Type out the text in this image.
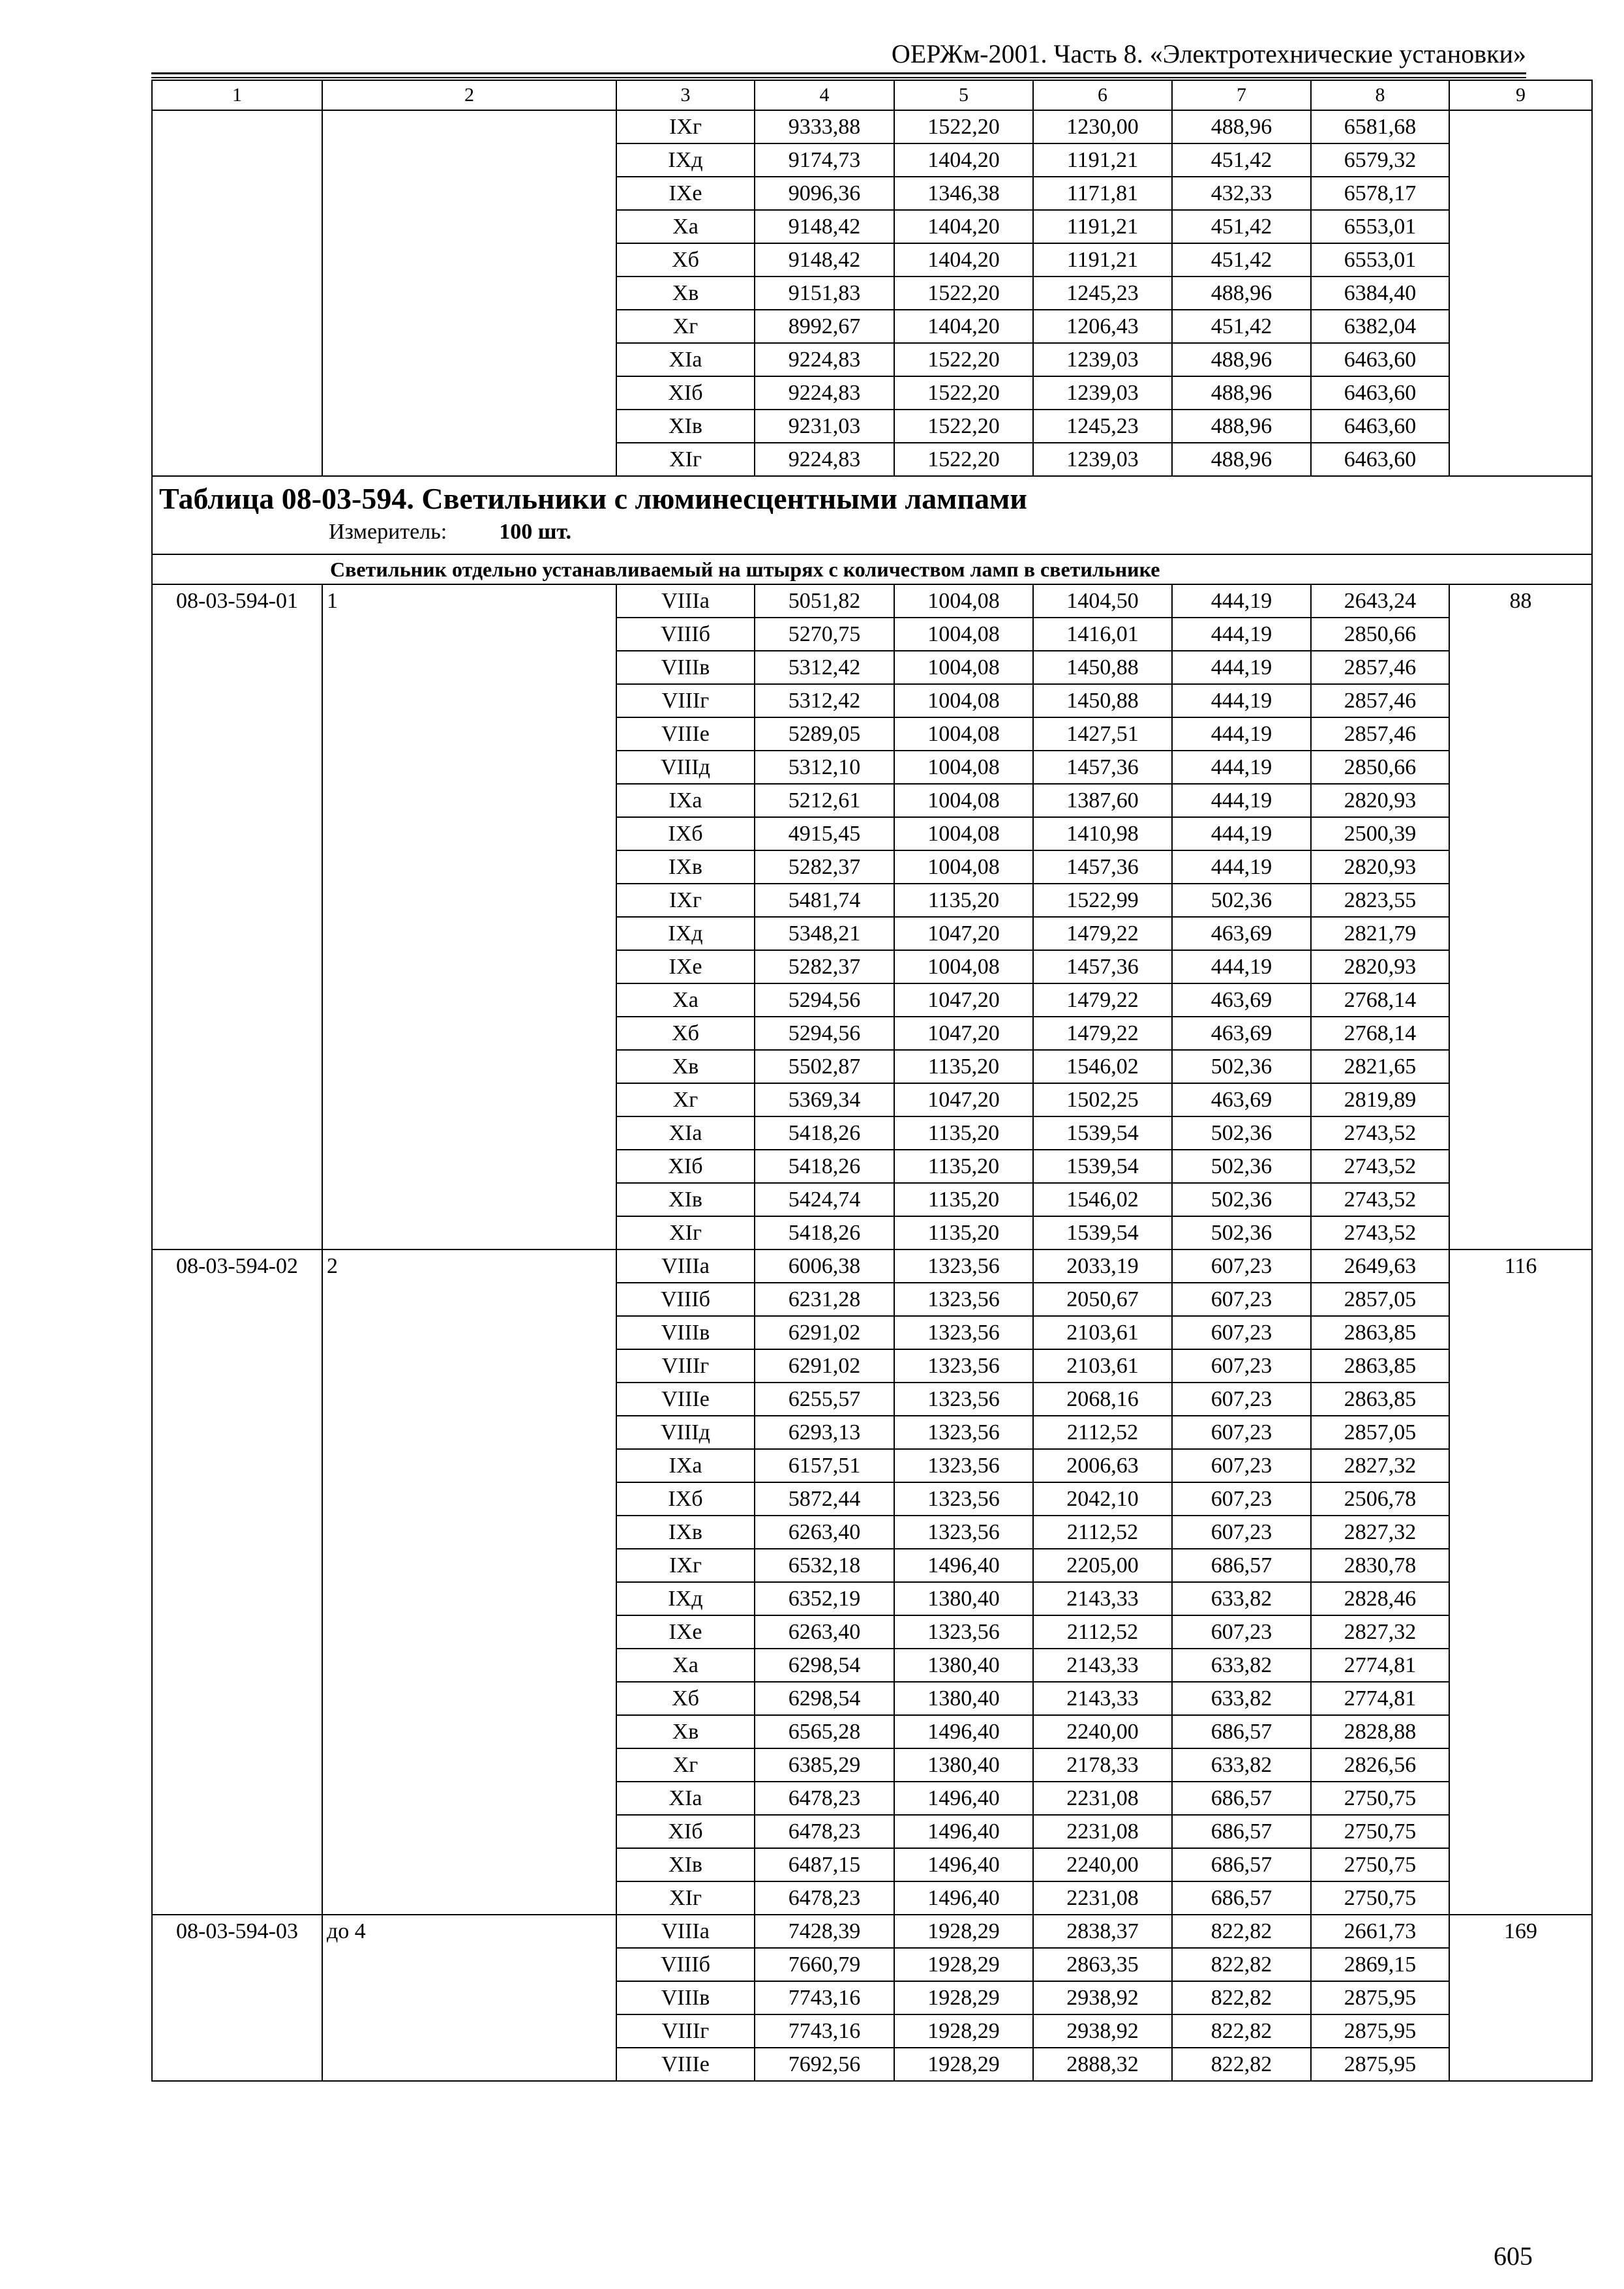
ОЕРЖм-2001. Часть 8. «Электротехнические установки»
1	2	3	4	5	6	7	8	9
		IXг	9333,88	1522,20	1230,00	488,96	6581,68	
		IXд	9174,73	1404,20	1191,21	451,42	6579,32	
		IXе	9096,36	1346,38	1171,81	432,33	6578,17	
		Xа	9148,42	1404,20	1191,21	451,42	6553,01	
		Xб	9148,42	1404,20	1191,21	451,42	6553,01	
		Xв	9151,83	1522,20	1245,23	488,96	6384,40	
		Xг	8992,67	1404,20	1206,43	451,42	6382,04	
		XIа	9224,83	1522,20	1239,03	488,96	6463,60	
		XIб	9224,83	1522,20	1239,03	488,96	6463,60	
		XIв	9231,03	1522,20	1245,23	488,96	6463,60	
		XIг	9224,83	1522,20	1239,03	488,96	6463,60	

Таблица 08-03-594. Светильники с люминесцентными лампами
Измеритель: 100 шт.								

Светильник отдельно устанавливаемый на штырях с количеством ламп в светильнике								
08-03-594-01	1	VIIIа	5051,82	1004,08	1404,50	444,19	2643,24	88
		VIIIб	5270,75	1004,08	1416,01	444,19	2850,66	
		VIIIв	5312,42	1004,08	1450,88	444,19	2857,46	
		VIIIг	5312,42	1004,08	1450,88	444,19	2857,46	
		VIIIе	5289,05	1004,08	1427,51	444,19	2857,46	
		VIIIд	5312,10	1004,08	1457,36	444,19	2850,66	
		IXа	5212,61	1004,08	1387,60	444,19	2820,93	
		IXб	4915,45	1004,08	1410,98	444,19	2500,39	
		IXв	5282,37	1004,08	1457,36	444,19	2820,93	
		IXг	5481,74	1135,20	1522,99	502,36	2823,55	
		IXд	5348,21	1047,20	1479,22	463,69	2821,79	
		IXе	5282,37	1004,08	1457,36	444,19	2820,93	
		Xа	5294,56	1047,20	1479,22	463,69	2768,14	
		Xб	5294,56	1047,20	1479,22	463,69	2768,14	
		Xв	5502,87	1135,20	1546,02	502,36	2821,65	
		Xг	5369,34	1047,20	1502,25	463,69	2819,89	
		XIа	5418,26	1135,20	1539,54	502,36	2743,52	
		XIб	5418,26	1135,20	1539,54	502,36	2743,52	
		XIв	5424,74	1135,20	1546,02	502,36	2743,52	
		XIг	5418,26	1135,20	1539,54	502,36	2743,52	
08-03-594-02	2	VIIIа	6006,38	1323,56	2033,19	607,23	2649,63	116
		VIIIб	6231,28	1323,56	2050,67	607,23	2857,05	
		VIIIв	6291,02	1323,56	2103,61	607,23	2863,85	
		VIIIг	6291,02	1323,56	2103,61	607,23	2863,85	
		VIIIе	6255,57	1323,56	2068,16	607,23	2863,85	
		VIIIд	6293,13	1323,56	2112,52	607,23	2857,05	
		IXа	6157,51	1323,56	2006,63	607,23	2827,32	
		IXб	5872,44	1323,56	2042,10	607,23	2506,78	
		IXв	6263,40	1323,56	2112,52	607,23	2827,32	
		IXг	6532,18	1496,40	2205,00	686,57	2830,78	
		IXд	6352,19	1380,40	2143,33	633,82	2828,46	
		IXе	6263,40	1323,56	2112,52	607,23	2827,32	
		Xа	6298,54	1380,40	2143,33	633,82	2774,81	
		Xб	6298,54	1380,40	2143,33	633,82	2774,81	
		Xв	6565,28	1496,40	2240,00	686,57	2828,88	
		Xг	6385,29	1380,40	2178,33	633,82	2826,56	
		XIа	6478,23	1496,40	2231,08	686,57	2750,75	
		XIб	6478,23	1496,40	2231,08	686,57	2750,75	
		XIв	6487,15	1496,40	2240,00	686,57	2750,75	
		XIг	6478,23	1496,40	2231,08	686,57	2750,75	
08-03-594-03	до 4	VIIIа	7428,39	1928,29	2838,37	822,82	2661,73	169
		VIIIб	7660,79	1928,29	2863,35	822,82	2869,15	
		VIIIв	7743,16	1928,29	2938,92	822,82	2875,95	
		VIIIг	7743,16	1928,29	2938,92	822,82	2875,95	
		VIIIе	7692,56	1928,29	2888,32	822,82	2875,95	
605
